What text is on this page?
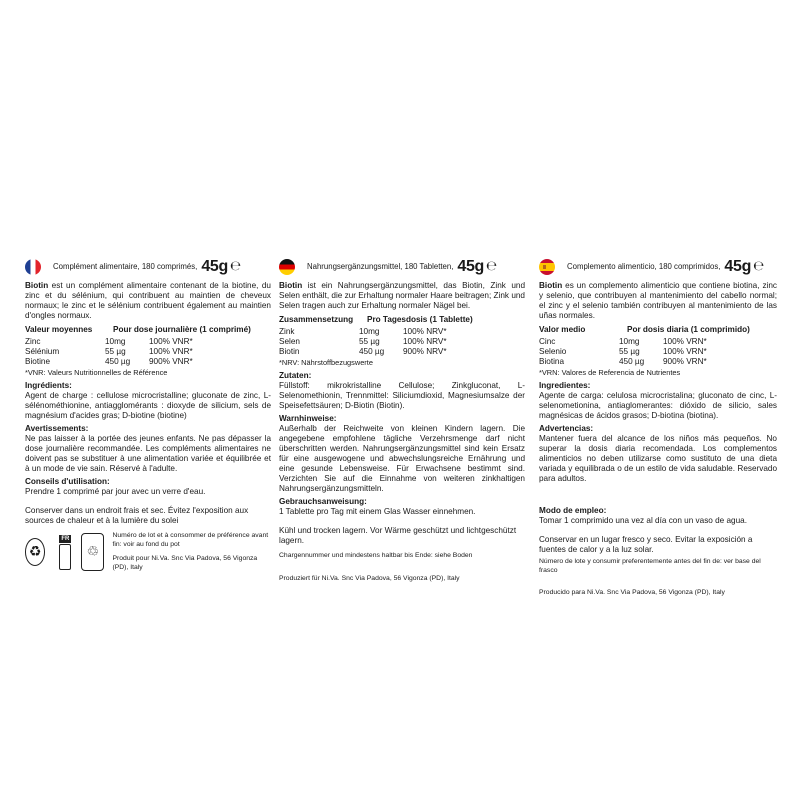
Complément alimentaire, 180 comprimés, 45g ℮

Biotin est un complément alimentaire contenant de la biotine, du zinc et du sélénium, qui contribuent au maintien de cheveux normaux; le zinc et le sélénium contribuent également au maintien d'ongles normaux.

Valeur moyennes	Pour dose journalière (1 comprimé)
Zinc	10mg	100% VNR*
Sélénium	55 µg	100% VNR*
Biotine	450 µg	900% VNR*

*VNR: Valeurs Nutritionnelles de Référence

Ingrédients:

Agent de charge : cellulose microcristalline; gluconate de zinc, L-sélénométhionine, antiagglomérants : dioxyde de silicium, sels de magnésium d'acides gras; D-biotine (biotine)

Avertissements:

Ne pas laisser à la portée des jeunes enfants. Ne pas dépasser la dose journalière recommandée. Les compléments alimentaires ne doivent pas se substituer à une alimentation variée et équilibrée et à un mode de vie sain. Réservé à l'adulte.

Conseils d'utilisation:

Prendre 1 comprimé par jour avec un verre d'eau.

Conserver dans un endroit frais et sec. Évitez l'exposition aux sources de chaleur et à la lumière du solei

♻
FR
♲

Numéro de lot et à consommer de préférence avant fin: voir au fond du pot

Produit pour Ni.Va. Snc Via Padova, 56 Vigonza (PD), Italy

Nahrungsergänzungsmittel, 180 Tabletten, 45g ℮

Biotin ist ein Nahrungsergänzungsmittel, das Biotin, Zink und Selen enthält, die zur Erhaltung normaler Haare beitragen; Zink und Selen tragen auch zur Erhaltung normaler Nägel bei.

Zusammensetzung	Pro Tagesdosis (1 Tablette)
Zink	10mg	100% NRV*
Selen	55 µg	100% NRV*
Biotin	450 µg	900% NRV*

*NRV: Nährstoffbezugswerte

Zutaten:

Füllstoff: mikrokristalline Cellulose; Zinkgluconat, L-Selenomethionin, Trennmittel: Siliciumdioxid, Magnesiumsalze der Speisefettsäuren; D-Biotin (Biotin).

Warnhinweise:

Außerhalb der Reichweite von kleinen Kindern lagern. Die angegebene empfohlene tägliche Verzehrsmenge darf nicht überschritten werden. Nahrungsergänzungsmittel sind kein Ersatz für eine ausgewogene und abwechslungsreiche Ernährung und eine gesunde Lebensweise. Für Erwachsene bestimmt sind. Verzichten Sie auf die Einnahme von weiteren zinkhaltigen Nahrungsergänzungsmitteln.

Gebrauchsanweisung:

1 Tablette pro Tag mit einem Glas Wasser einnehmen.

Kühl und trocken lagern. Vor Wärme geschützt und lichtgeschützt lagern.

Chargennummer und mindestens haltbar bis Ende: siehe Boden

Produziert für Ni.Va. Snc Via Padova, 56 Vigonza (PD), Italy

Complemento alimenticio, 180 comprimidos, 45g ℮

Biotin es un complemento alimenticio que contiene biotina, zinc y selenio, que contribuyen al mantenimiento del cabello normal; el zinc y el selenio también contribuyen al mantenimiento de las uñas normales.

Valor medio	Por dosis diaria (1 comprimido)
Cinc	10mg	100% VRN*
Selenio	55 µg	100% VRN*
Biotina	450 µg	900% VRN*

*VRN: Valores de Referencia de Nutrientes

Ingredientes:

Agente de carga: celulosa microcristalina; gluconato de cinc, L-selenometionina, antiaglomerantes: dióxido de silicio, sales magnésicas de ácidos grasos; D-biotina (biotina).

Advertencias:

Mantener fuera del alcance de los niños más pequeños. No superar la dosis diaria recomendada. Los complementos alimenticios no deben utilizarse como sustituto de una dieta variada y equilibrada o de un estilo de vida saludable. Reservado para adultos.

Modo de empleo:

Tomar 1 comprimido una vez al día con un vaso de agua.

Conservar en un lugar fresco y seco. Evitar la exposición a fuentes de calor y a la luz solar.

Número de lote y consumir preferentemente antes del fin de: ver base del frasco

Producido para Ni.Va. Snc Via Padova, 56 Vigonza (PD), Italy
